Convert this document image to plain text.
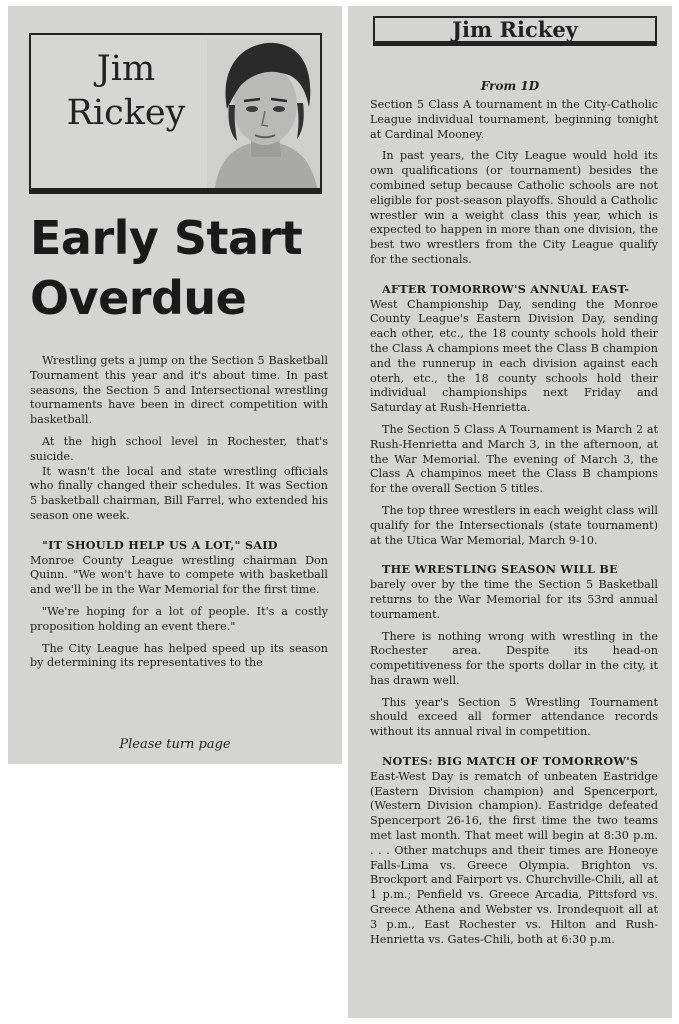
Jim
Rickey
Early Start Overdue

Wrestling gets a jump on the Section 5 Basketball Tournament this year and it's about time. In past seasons, the Section 5 and Intersectional wrestling tournaments have been in direct competition with basketball.

At the high school level in Rochester, that's suicide.

It wasn't the local and state wrestling officials who finally changed their schedules. It was Section 5 basketball chairman, Bill Farrel, who extended his season one week.

"IT SHOULD HELP US A LOT," SAID

Monroe County League wrestling chairman Don Quinn. "We won't have to compete with basketball and we'll be in the War Memorial for the first time.

"We're hoping for a lot of people. It's a costly proposition holding an event there."

The City League has helped speed up its season by determining its representatives to the

Please turn page
Jim Rickey
From 1D

Section 5 Class A tournament in the City-Catholic League individual tournament, beginning tonight at Cardinal Mooney.

In past years, the City League would hold its own qualifications (or tournament) besides the combined setup because Catholic schools are not eligible for post-season playoffs. Should a Catholic wrestler win a weight class this year, which is expected to happen in more than one division, the best two wrestlers from the City League qualify for the sectionals.

AFTER TOMORROW'S ANNUAL EAST-

West Championship Day, sending the Monroe County League's Eastern Division Day, sending each other, etc., the 18 county schools hold their the Class A champions meet the Class B champion and the runnerup in each division against each oterh, etc., the 18 county schools hold their individual championships next Friday and Saturday at Rush-Henrietta.

The Section 5 Class A Tournament is March 2 at Rush-Henrietta and March 3, in the afternoon, at the War Memorial. The evening of March 3, the Class A champinos meet the Class B champions for the overall Section 5 titles.

The top three wrestlers in each weight class will qualify for the Intersectionals (state tournament) at the Utica War Memorial, March 9-10.

THE WRESTLING SEASON WILL BE

barely over by the time the Section 5 Basketball returns to the War Memorial for its 53rd annual tournament.

There is nothing wrong with wrestling in the Rochester area. Despite its head-on competitiveness for the sports dollar in the city, it has drawn well.

This year's Section 5 Wrestling Tournament should exceed all former attendance records without its annual rival in competition.

NOTES: BIG MATCH OF TOMORROW'S

East-West Day is rematch of unbeaten Eastridge (Eastern Division champion) and Spencerport, (Western Division champion). Eastridge defeated Spencerport 26-16, the first time the two teams met last month. That meet will begin at 8:30 p.m. . . . Other matchups and their times are Honeoye Falls-Lima vs. Greece Olympia. Brighton vs. Brockport and Fairport vs. Churchville-Chili, all at 1 p.m.; Penfield vs. Greece Arcadia, Pittsford vs. Greece Athena and Webster vs. Irondequoit all at 3 p.m., East Rochester vs. Hilton and Rush-Henrietta vs. Gates-Chili, both at 6:30 p.m.
